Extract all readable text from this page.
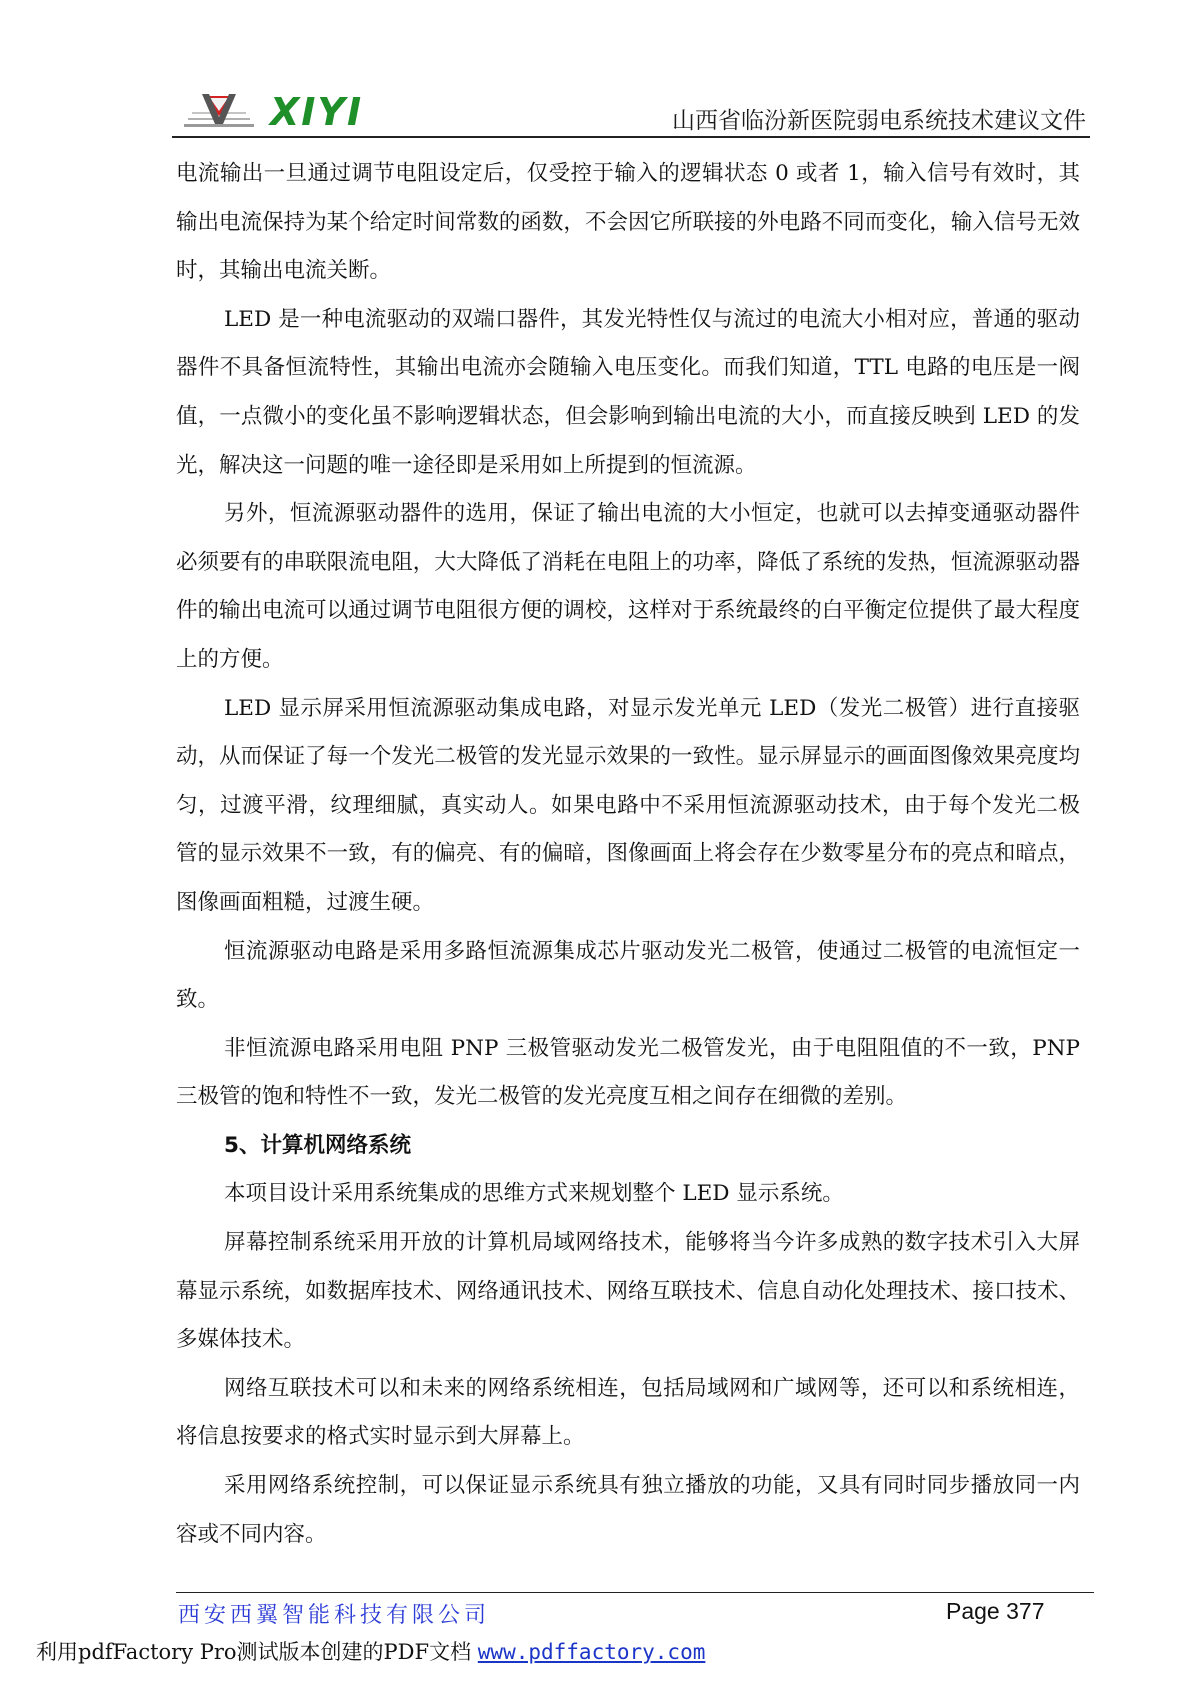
XIYI	山西省临汾新医院弱电系统技术建议文件

电流输出一旦通过调节电阻设定后，仅受控于输入的逻辑状态 0 或者 1，输入信号有效时，其输出电流保持为某个给定时间常数的函数，不会因它所联接的外电路不同而变化，输入信号无效时，其输出电流关断。

LED 是一种电流驱动的双端口器件，其发光特性仅与流过的电流大小相对应，普通的驱动器件不具备恒流特性，其输出电流亦会随输入电压变化。而我们知道，TTL 电路的电压是一阀值，一点微小的变化虽不影响逻辑状态，但会影响到输出电流的大小，而直接反映到 LED 的发光，解决这一问题的唯一途径即是采用如上所提到的恒流源。

另外，恒流源驱动器件的选用，保证了输出电流的大小恒定，也就可以去掉变通驱动器件必须要有的串联限流电阻，大大降低了消耗在电阻上的功率，降低了系统的发热，恒流源驱动器件的输出电流可以通过调节电阻很方便的调校，这样对于系统最终的白平衡定位提供了最大程度上的方便。

LED 显示屏采用恒流源驱动集成电路，对显示发光单元 LED（发光二极管）进行直接驱动，从而保证了每一个发光二极管的发光显示效果的一致性。显示屏显示的画面图像效果亮度均匀，过渡平滑，纹理细腻，真实动人。如果电路中不采用恒流源驱动技术，由于每个发光二极 管的显示效果不一致，有的偏亮、有的偏暗，图像画面上将会存在少数零星分布的亮点和暗点，图像画面粗糙，过渡生硬。

恒流源驱动电路是采用多路恒流源集成芯片驱动发光二极管，使通过二极管的电流恒定一致。

非恒流源电路采用电阻 PNP 三极管驱动发光二极管发光，由于电阻阻值的不一致，PNP 三极管的饱和特性不一致，发光二极管的发光亮度互相之间存在细微的差别。

5、计算机网络系统

本项目设计采用系统集成的思维方式来规划整个 LED 显示系统。

屏幕控制系统采用开放的计算机局域网络技术，能够将当今许多成熟的数字技术引入大屏幕显示系统，如数据库技术、网络通讯技术、网络互联技术、信息自动化处理技术、接口技术、多媒体技术。

网络互联技术可以和未来的网络系统相连，包括局域网和广域网等，还可以和系统相连，将信息按要求的格式实时显示到大屏幕上。

采用网络系统控制，可以保证显示系统具有独立播放的功能，又具有同时同步播放同一内容或不同内容。

西安西翼智能科技有限公司	Page 377
利用pdfFactory Pro测试版本创建的PDF文档 www.pdffactory.com
